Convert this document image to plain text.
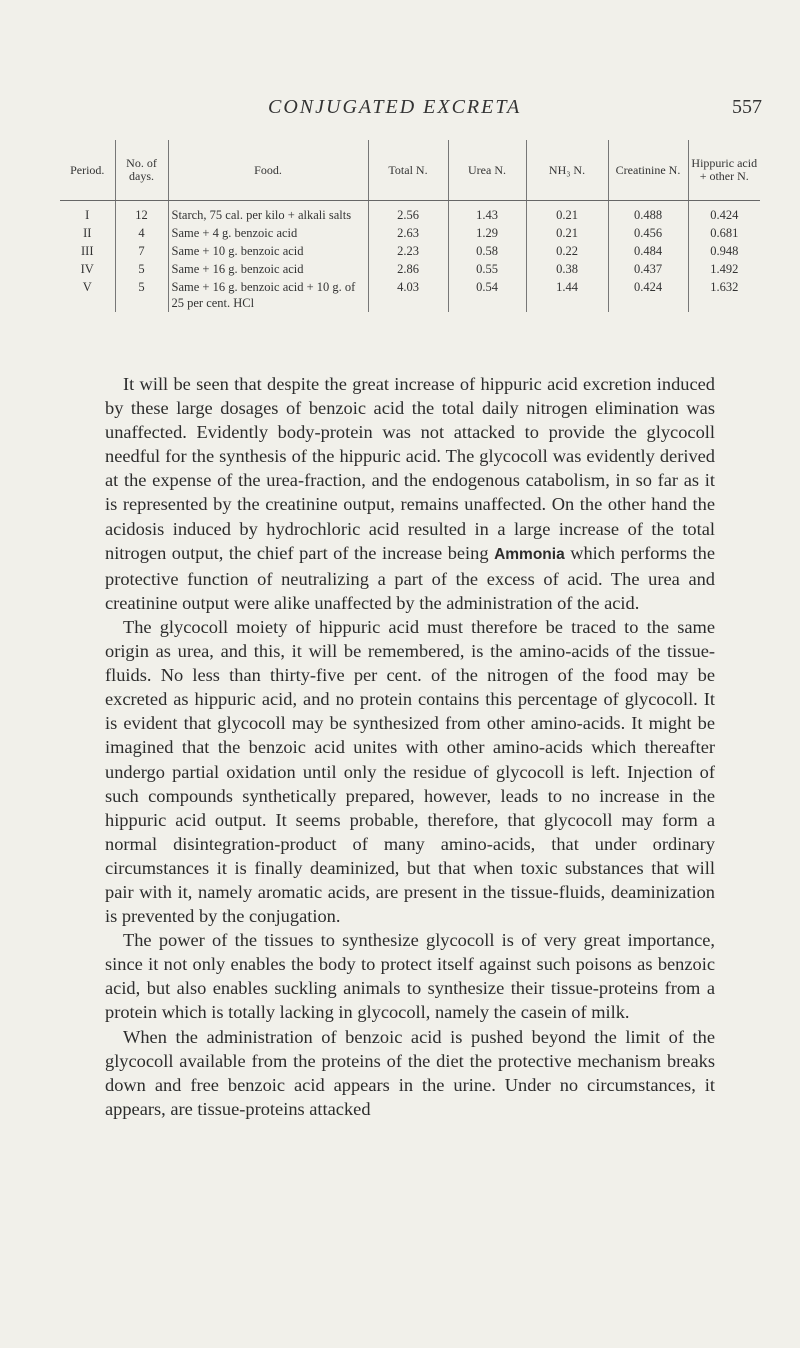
CONJUGATED EXCRETA	557
Period.	No. of days.	Food.	Total N.	Urea N.	NH₃ N.	Creatinine N.	Hippuric acid + other N.
I	12	Starch, 75 cal. per kilo + alkali salts	2.56	1.43	0.21	0.488	0.424
II	4	Same + 4 g. benzoic acid	2.63	1.29	0.21	0.456	0.681
III	7	Same + 10 g. benzoic acid	2.23	0.58	0.22	0.484	0.948
IV	5	Same + 16 g. benzoic acid	2.86	0.55	0.38	0.437	1.492
V	5	Same + 16 g. benzoic acid + 10 g. of 25 per cent. HCl	4.03	0.54	1.44	0.424	1.632

It will be seen that despite the great increase of hippuric acid excretion induced by these large dosages of benzoic acid the total daily nitrogen elimination was unaffected. Evidently body-protein was not attacked to provide the glycocoll needful for the synthesis of the hippuric acid. The glycocoll was evidently derived at the expense of the urea-fraction, and the endogenous catabolism, in so far as it is represented by the creatinine output, remains unaffected. On the other hand the acidosis induced by hydrochloric acid resulted in a large increase of the total nitrogen output, the chief part of the increase being Ammonia which performs the protective function of neutralizing a part of the excess of acid. The urea and creatinine output were alike unaffected by the administration of the acid.

The glycocoll moiety of hippuric acid must therefore be traced to the same origin as urea, and this, it will be remembered, is the amino-acids of the tissue-fluids. No less than thirty-five per cent. of the nitrogen of the food may be excreted as hippuric acid, and no protein contains this percentage of glycocoll. It is evident that glycocoll may be synthesized from other amino-acids. It might be imagined that the benzoic acid unites with other amino-acids which thereafter undergo partial oxidation until only the residue of glycocoll is left. Injection of such compounds synthetically prepared, however, leads to no increase in the hippuric acid output. It seems probable, therefore, that glycocoll may form a normal disintegration-product of many amino-acids, that under ordinary circumstances it is finally deaminized, but that when toxic substances that will pair with it, namely aromatic acids, are present in the tissue-fluids, deaminization is prevented by the conjugation.

The power of the tissues to synthesize glycocoll is of very great importance, since it not only enables the body to protect itself against such poisons as benzoic acid, but also enables suckling animals to synthesize their tissue-proteins from a protein which is totally lacking in glycocoll, namely the casein of milk.

When the administration of benzoic acid is pushed beyond the limit of the glycocoll available from the proteins of the diet the protective mechanism breaks down and free benzoic acid appears in the urine. Under no circumstances, it appears, are tissue-proteins attacked
